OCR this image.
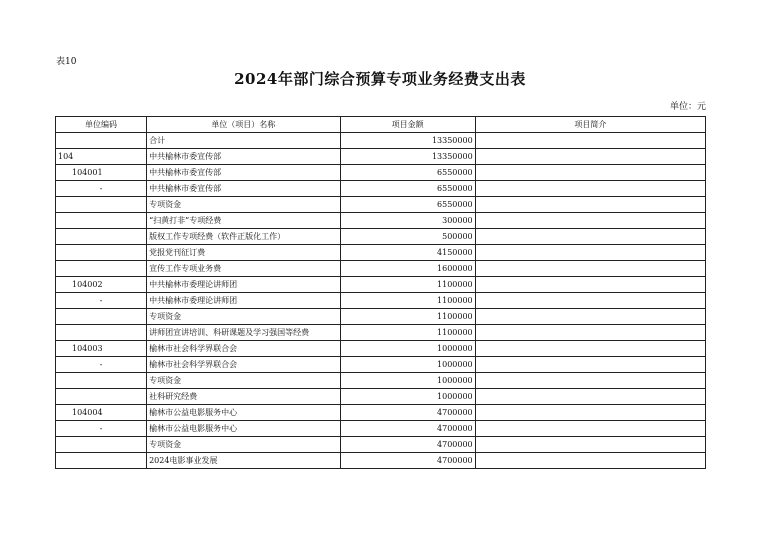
表10
2024年部门综合预算专项业务经费支出表
单位：元
单位编码	单位（项目）名称	项目金额	项目简介
	合计	13350000	
104	中共榆林市委宣传部	13350000	
104001	中共榆林市委宣传部	6550000	
-	中共榆林市委宣传部	6550000	
	专项资金	6550000	
	“扫黄打非”专项经费	300000	
	版权工作专项经费（软件正版化工作）	500000	
	党报党刊征订费	4150000	
	宣传工作专项业务费	1600000	
104002	中共榆林市委理论讲师团	1100000	
-	中共榆林市委理论讲师团	1100000	
	专项资金	1100000	
	讲师团宣讲培训、科研课题及学习强国等经费	1100000	
104003	榆林市社会科学界联合会	1000000	
-	榆林市社会科学界联合会	1000000	
	专项资金	1000000	
	社科研究经费	1000000	
104004	榆林市公益电影服务中心	4700000	
-	榆林市公益电影服务中心	4700000	
	专项资金	4700000	
	2024电影事业发展	4700000	
